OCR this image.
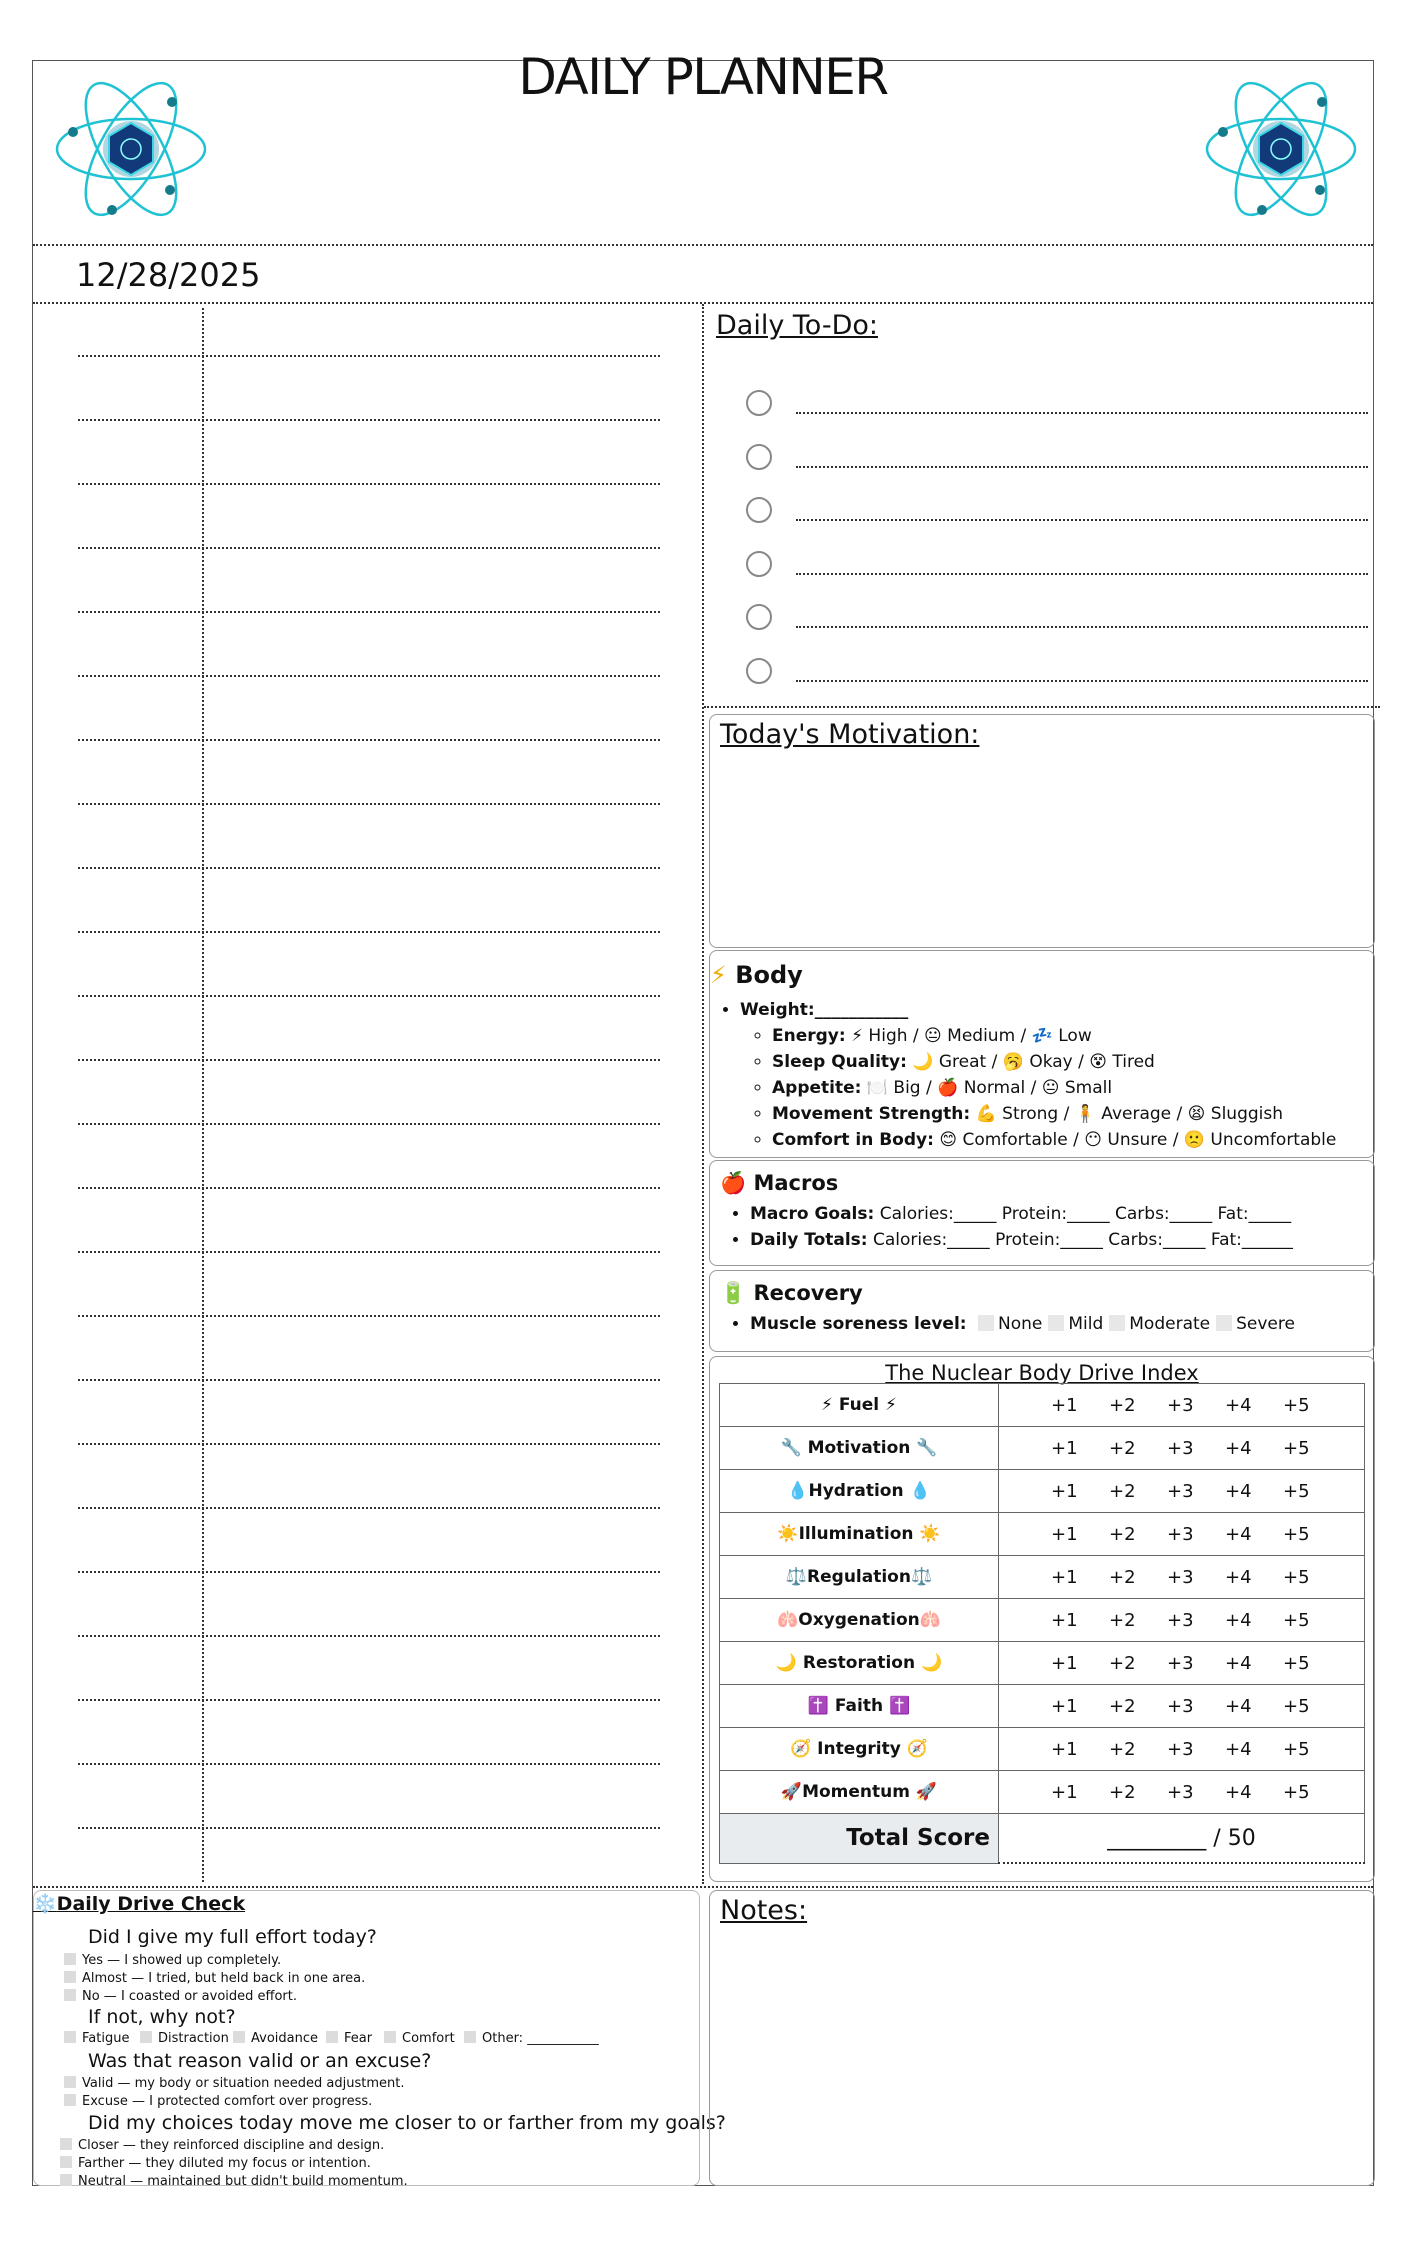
DAILY PLANNER
12/28/2025
Daily To-Do:
Today's Motivation:
⚡ Body
• Weight:___________
◦ Energy: ⚡ High / 😐 Medium / 💤 Low
◦ Sleep Quality: 🌙 Great / 🥱 Okay / 😵 Tired
◦ Appetite: 🍽️ Big / 🍎 Normal / 😐 Small
◦ Movement Strength: 💪 Strong / 🧍 Average / 😫 Sluggish
◦ Comfort in Body: 😊 Comfortable / 😶 Unsure / 🙁 Uncomfortable
🍎 Macros
• Macro Goals: Calories:_____ Protein:_____ Carbs:_____ Fat:_____
• Daily Totals: Calories:_____ Protein:_____ Carbs:_____ Fat:______
🔋 Recovery
• Muscle soreness level: None Mild Moderate Severe
The Nuclear Body Drive Index
⚡ Fuel ⚡	+1 +2 +3 +4 +5
🔧 Motivation 🔧	+1 +2 +3 +4 +5
💧Hydration 💧	+1 +2 +3 +4 +5
☀️Illumination ☀️	+1 +2 +3 +4 +5
⚖️Regulation⚖️	+1 +2 +3 +4 +5
🫁Oxygenation🫁	+1 +2 +3 +4 +5
🌙 Restoration 🌙	+1 +2 +3 +4 +5
✝️ Faith ✝️	+1 +2 +3 +4 +5
🧭 Integrity 🧭	+1 +2 +3 +4 +5
🚀Momentum 🚀	+1 +2 +3 +4 +5
Total Score	_________ / 50
❄️Daily Drive Check
Did I give my full effort today?
Yes — I showed up completely.
Almost — I tried, but held back in one area.
No — I coasted or avoided effort.
If not, why not?
Fatigue	Distraction	Avoidance	Fear	Comfort	Other: ___________
Was that reason valid or an excuse?
Valid — my body or situation needed adjustment.
Excuse — I protected comfort over progress.
Did my choices today move me closer to or farther from my goals?
Closer — they reinforced discipline and design.
Farther — they diluted my focus or intention.
Neutral — maintained but didn't build momentum.
Notes:
